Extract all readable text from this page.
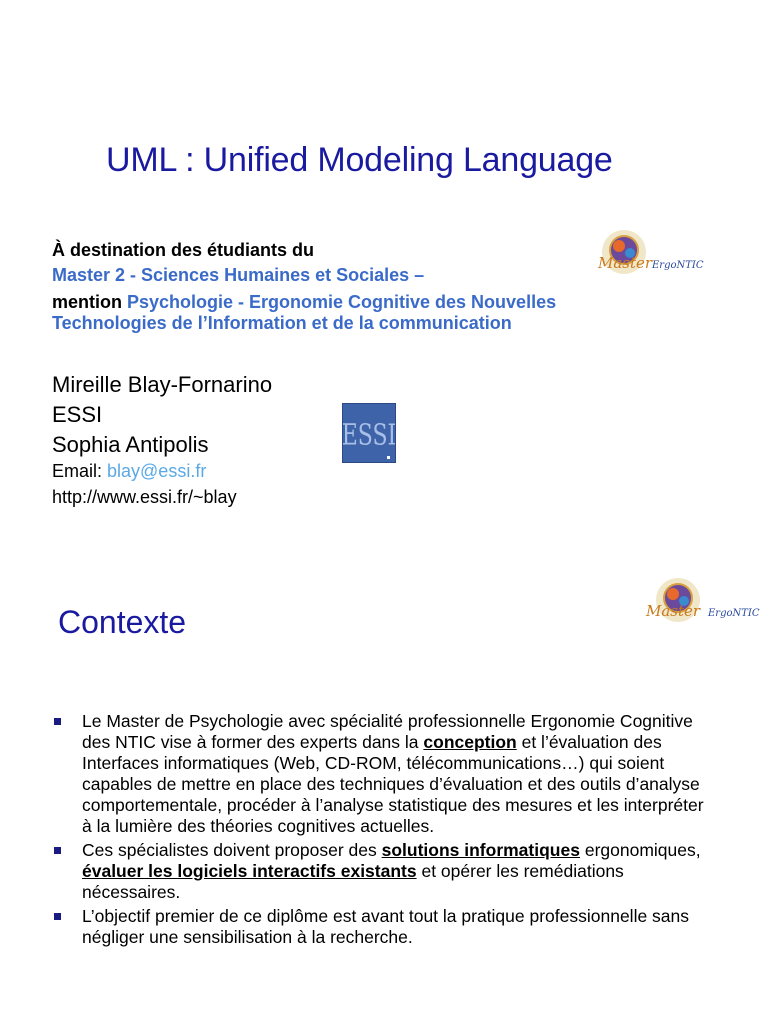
UML : Unified Modeling Language
À destination des étudiants du
Master 2 - Sciences Humaines et Sociales –
mention Psychologie - Ergonomie Cognitive des Nouvelles
Technologies de l’Information et de la communication
Master ErgoNTIC
Mireille Blay-Fornarino
ESSI
Sophia Antipolis
Email: blay@essi.fr
http://www.essi.fr/~blay
ESSI
Contexte	Master ErgoNTIC
Le Master de Psychologie avec spécialité professionnelle Ergonomie Cognitive des NTIC vise à former des experts dans la conception et l’évaluation des Interfaces informatiques (Web, CD-ROM, télécommunications…) qui soient capables de mettre en place des techniques d’évaluation et des outils d’analyse comportementale, procéder à l’analyse statistique des mesures et les interpréter à la lumière des théories cognitives actuelles.
Ces spécialistes doivent proposer des solutions informatiques ergonomiques, évaluer les logiciels interactifs existants et opérer les remédiations nécessaires.
L’objectif premier de ce diplôme est avant tout la pratique professionnelle sans négliger une sensibilisation à la recherche.
